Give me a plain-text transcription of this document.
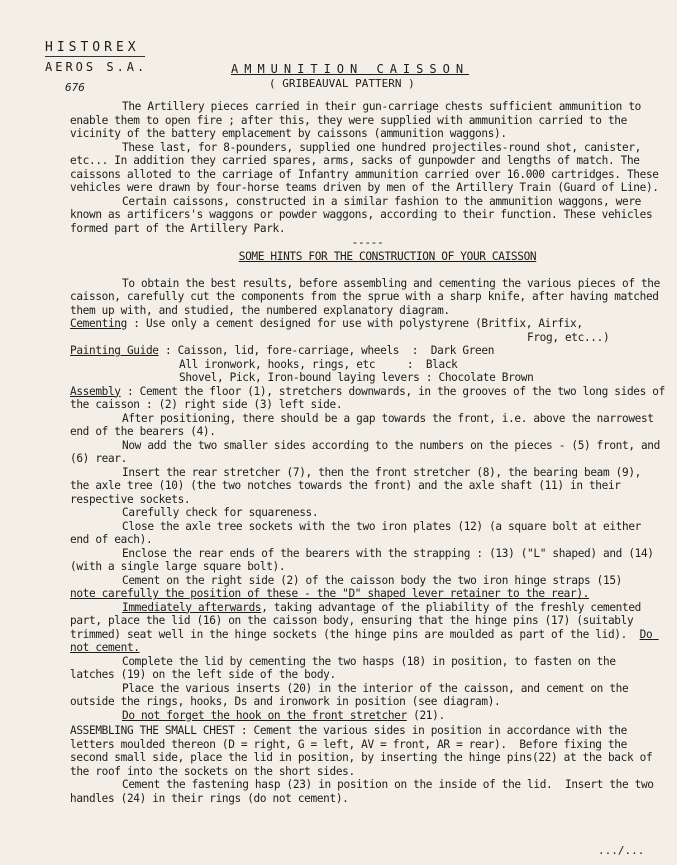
HISTOREX
AEROS S.A.
676
AMMUNITION CAISSON
( GRIBEAUVAL PATTERN )

The Artillery pieces carried in their gun-carriage chests sufficient ammunition to enable them to open fire ; after this, they were supplied with ammunition carried to the vicinity of the battery emplacement by caissons (ammunition waggons).

These last, for 8-pounders, supplied one hundred projectiles-round shot, canister, etc... In addition they carried spares, arms, sacks of gunpowder and lengths of match. The caissons alloted to the carriage of Infantry ammunition carried over 16.000 cartridges. These vehicles were drawn by four-horse teams driven by men of the Artillery Train (Guard of Line).

Certain caissons, constructed in a similar fashion to the ammunition waggons, were known as artificers's waggons or powder waggons, according to their function. These vehicles formed part of the Artillery Park.

-----

SOME HINTS FOR THE CONSTRUCTION OF YOUR CAISSON

To obtain the best results, before assembling and cementing the various pieces of the caisson, carefully cut the components from the sprue with a sharp knife, after having matched them up with, and studied, the numbered explanatory diagram.

Cementing : Use only a cement designed for use with polystyrene (Britfix, Airfix,

Frog, etc...)

Painting Guide : Caisson, lid, fore-carriage, wheels  :  Dark Green

All ironwork, hooks, rings, etc     :  Black

Shovel, Pick, Iron-bound laying levers : Chocolate Brown

Assembly : Cement the floor (1), stretchers downwards, in the grooves of the two long sides of the caisson : (2) right side (3) left side.

After positioning, there should be a gap towards the front, i.e. above the narrowest end of the bearers (4).

Now add the two smaller sides according to the numbers on the pieces - (5) front, and (6) rear.

Insert the rear stretcher (7), then the front stretcher (8), the bearing beam (9), the axle tree (10) (the two notches towards the front) and the axle shaft (11) in their respective sockets.

Carefully check for squareness.

Close the axle tree sockets with the two iron plates (12) (a square bolt at either end of each).

Enclose the rear ends of the bearers with the strapping : (13) ("L" shaped) and (14) (with a single large square bolt).

Cement on the right side (2) of the caisson body the two iron hinge straps (15)

note carefully the position of these - the "D" shaped lever retainer to the rear).

Immediately afterwards, taking advantage of the pliability of the freshly cemented part, place the lid (16) on the caisson body, ensuring that the hinge pins (17) (suitably trimmed) seat well in the hinge sockets (the hinge pins are moulded as part of the lid).  Do not cement.

Complete the lid by cementing the two hasps (18) in position, to fasten on the latches (19) on the left side of the body.

Place the various inserts (20) in the interior of the caisson, and cement on the outside the rings, hooks, Ds and ironwork in position (see diagram).

Do not forget the hook on the front stretcher (21).

ASSEMBLING THE SMALL CHEST : Cement the various sides in position in accordance with the letters moulded thereon (D = right, G = left, AV = front, AR = rear).  Before fixing the second small side, place the lid in position, by inserting the hinge pins(22) at the back of the roof into the sockets on the short sides.

Cement the fastening hasp (23) in position on the inside of the lid.  Insert the two handles (24) in their rings (do not cement).

.../...
